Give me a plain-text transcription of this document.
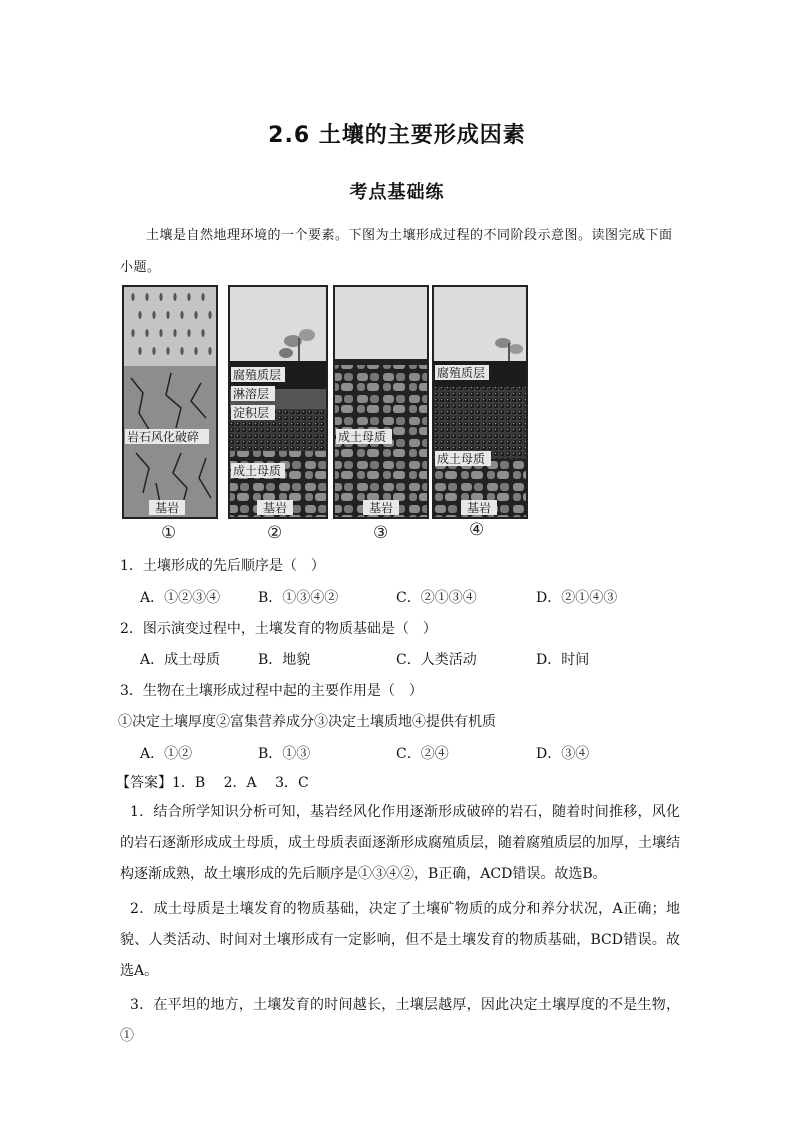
2.6 土壤的主要形成因素
考点基础练
土壤是自然地理环境的一个要素。下图为土壤形成过程的不同阶段示意图。读图完成下面小题。
岩石风化破碎
基岩
①
腐殖质层
淋溶层
淀积层
成土母质
基岩
②
成土母质
基岩
③
腐殖质层
成土母质
基岩
④
1．土壤形成的先后顺序是（　）
A．①②③④	B．①③④②	C．②①③④	D．②①④③
2．图示演变过程中，土壤发育的物质基础是（　）
A．成土母质	B．地貌	C．人类活动	D．时间
3．生物在土壤形成过程中起的主要作用是（　）
①决定土壤厚度②富集营养成分③决定土壤质地④提供有机质
A．①②	B．①③	C．②④	D．③④
【答案】1．B　 2．A　 3．C
1．结合所学知识分析可知，基岩经风化作用逐渐形成破碎的岩石，随着时间推移，风化的岩石逐渐形成成土母质，成土母质表面逐渐形成腐殖质层，随着腐殖质层的加厚，土壤结构逐渐成熟，故土壤形成的先后顺序是①③④②，B正确，ACD错误。故选B。
2．成土母质是土壤发育的物质基础，决定了土壤矿物质的成分和养分状况，A正确；地貌、人类活动、时间对土壤形成有一定影响，但不是土壤发育的物质基础，BCD错误。故选A。
3．在平坦的地方，土壤发育的时间越长，土壤层越厚，因此决定土壤厚度的不是生物，①
